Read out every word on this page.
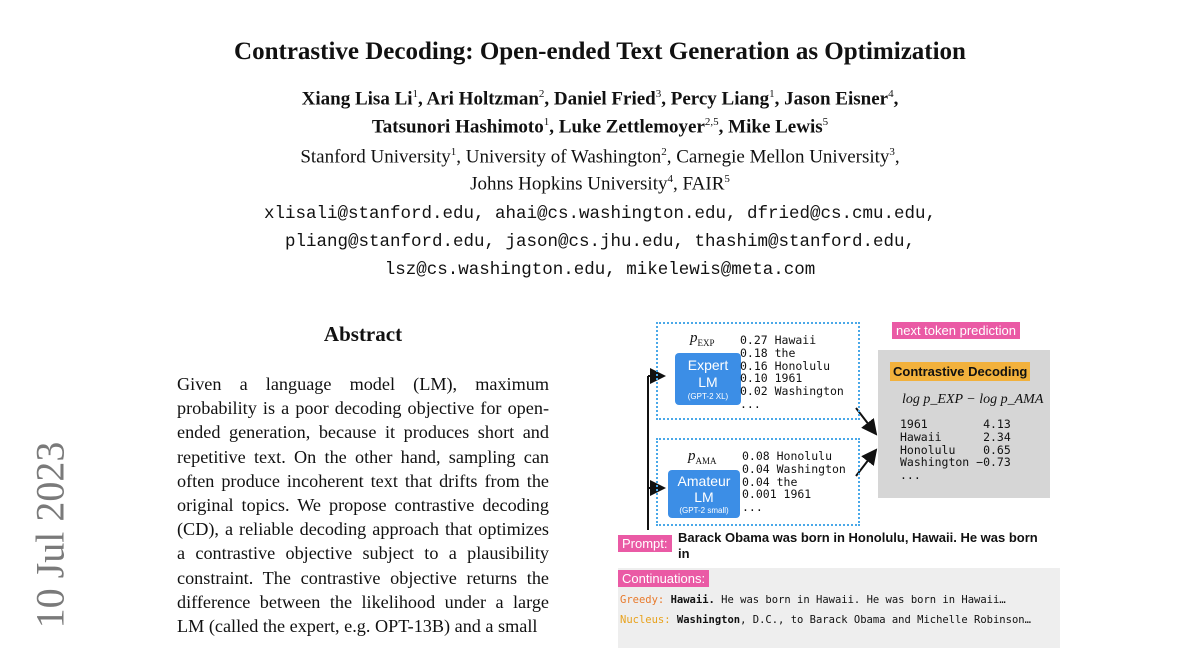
Contrastive Decoding: Open-ended Text Generation as Optimization
Xiang Lisa Li$^1$, Ari Holtzman$^2$, Daniel Fried$^3$, Percy Liang$^1$, Jason Eisner$^4$,
Tatsunori Hashimoto$^1$, Luke Zettlemoyer$^{2,5}$, Mike Lewis$^5$
Stanford University$^1$, University of Washington$^2$, Carnegie Mellon University$^3$,
Johns Hopkins University$^4$, FAIR$^5$
xlisali@stanford.edu, ahai@cs.washington.edu, dfried@cs.cmu.edu,
pliang@stanford.edu, jason@cs.jhu.edu, thashim@stanford.edu,
lsz@cs.washington.edu, mikelewis@meta.com
10 Jul 2023
Abstract
Given a language model (LM), maximum probability is a poor decoding objective for open-ended generation, because it produces short and repetitive text. On the other hand, sampling can often produce incoherent text that drifts from the original topics. We propose contrastive decoding (CD), a reliable decoding approach that optimizes a contrastive objective subject to a plausibility constraint. The contrastive objective returns the difference between the likelihood under a large LM (called the expert, e.g. OPT-13B) and a small
$p_{EXP}$
Expert LM
(GPT-2 XL)
0.27 Hawaii
0.18 the
0.16 Honolulu
0.10 1961
0.02 Washington
...
$p_{AMA}$
Amateur LM
(GPT-2 small)
0.08 Honolulu
0.04 Washington
0.04 the
0.001 1961
...
next token prediction
Contrastive Decoding
log p_EXP − log p_AMA
1961        4.13
Hawaii      2.34
Honolulu    0.65
Washington −0.73
...
Prompt: Barack Obama was born in Honolulu, Hawaii. He was born in
Continuations:
Greedy: Hawaii. He was born in Hawaii. He was born in Hawaii…
Nucleus: Washington, D.C., to Barack Obama and Michelle Robinson…
